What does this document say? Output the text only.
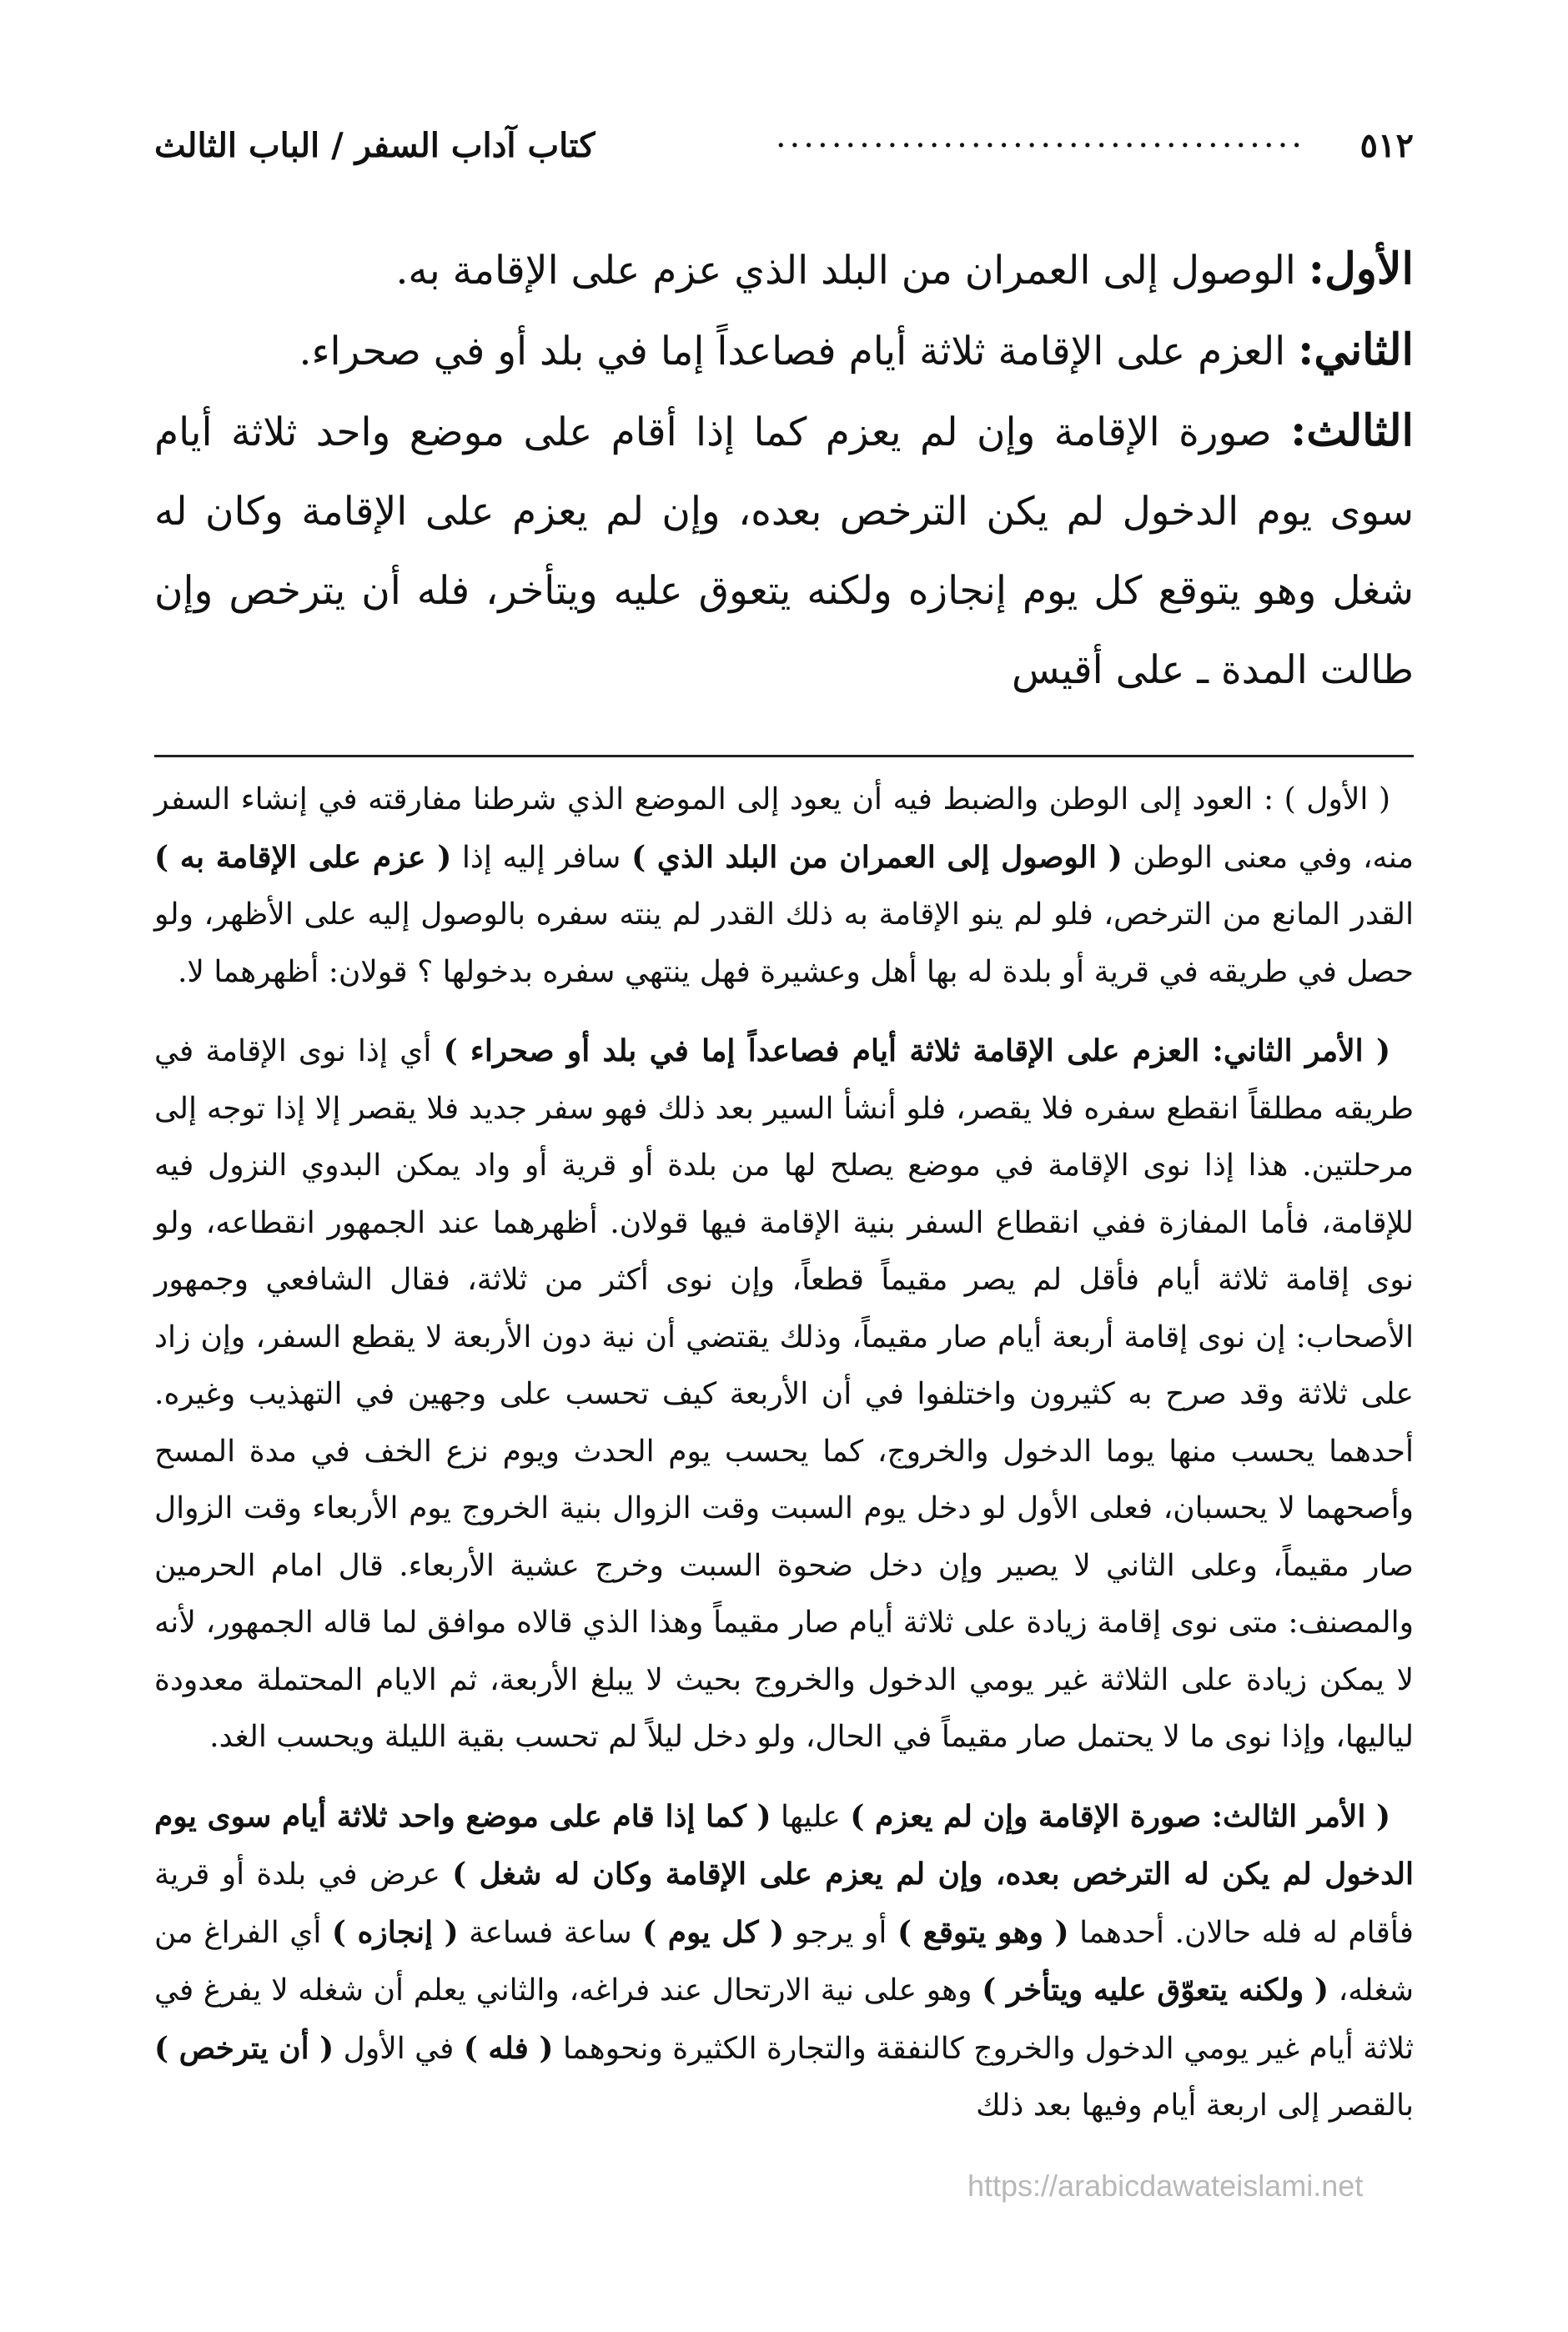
٥١٢
......................................
كتاب آداب السفر / الباب الثالث

الأول: الوصول إلى العمران من البلد الذي عزم على الإقامة به.

الثاني: العزم على الإقامة ثلاثة أيام فصاعداً إما في بلد أو في صحراء.

الثالث: صورة الإقامة وإن لم يعزم كما إذا أقام على موضع واحد ثلاثة أيام سوى يوم الدخول لم يكن الترخص بعده، وإن لم يعزم على الإقامة وكان له شغل وهو يتوقع كل يوم إنجازه ولكنه يتعوق عليه ويتأخر، فله أن يترخص وإن طالت المدة ـ على أقيس

( الأول ) : العود إلى الوطن والضبط فيه أن يعود إلى الموضع الذي شرطنا مفارقته في إنشاء السفر منه، وفي معنى الوطن ( الوصول إلى العمران من البلد الذي ) سافر إليه إذا ( عزم على الإقامة به ) القدر المانع من الترخص، فلو لم ينو الإقامة به ذلك القدر لم ينته سفره بالوصول إليه على الأظهر، ولو حصل في طريقه في قرية أو بلدة له بها أهل وعشيرة فهل ينتهي سفره بدخولها ؟ قولان: أظهرهما لا.

( الأمر الثاني: العزم على الإقامة ثلاثة أيام فصاعداً إما في بلد أو صحراء ) أي إذا نوى الإقامة في طريقه مطلقاً انقطع سفره فلا يقصر، فلو أنشأ السير بعد ذلك فهو سفر جديد فلا يقصر إلا إذا توجه إلى مرحلتين. هذا إذا نوى الإقامة في موضع يصلح لها من بلدة أو قرية أو واد يمكن البدوي النزول فيه للإقامة، فأما المفازة ففي انقطاع السفر بنية الإقامة فيها قولان. أظهرهما عند الجمهور انقطاعه، ولو نوى إقامة ثلاثة أيام فأقل لم يصر مقيماً قطعاً، وإن نوى أكثر من ثلاثة، فقال الشافعي وجمهور الأصحاب: إن نوى إقامة أربعة أيام صار مقيماً، وذلك يقتضي أن نية دون الأربعة لا يقطع السفر، وإن زاد على ثلاثة وقد صرح به كثيرون واختلفوا في أن الأربعة كيف تحسب على وجهين في التهذيب وغيره. أحدهما يحسب منها يوما الدخول والخروج، كما يحسب يوم الحدث ويوم نزع الخف في مدة المسح وأصحهما لا يحسبان، فعلى الأول لو دخل يوم السبت وقت الزوال بنية الخروج يوم الأربعاء وقت الزوال صار مقيماً، وعلى الثاني لا يصير وإن دخل ضحوة السبت وخرج عشية الأربعاء. قال امام الحرمين والمصنف: متى نوى إقامة زيادة على ثلاثة أيام صار مقيماً وهذا الذي قالاه موافق لما قاله الجمهور، لأنه لا يمكن زيادة على الثلاثة غير يومي الدخول والخروج بحيث لا يبلغ الأربعة، ثم الايام المحتملة معدودة لياليها، وإذا نوى ما لا يحتمل صار مقيماً في الحال، ولو دخل ليلاً لم تحسب بقية الليلة ويحسب الغد.

( الأمر الثالث: صورة الإقامة وإن لم يعزم ) عليها ( كما إذا قام على موضع واحد ثلاثة أيام سوى يوم الدخول لم يكن له الترخص بعده، وإن لم يعزم على الإقامة وكان له شغل ) عرض في بلدة أو قرية فأقام له فله حالان. أحدهما ( وهو يتوقع ) أو يرجو ( كل يوم ) ساعة فساعة ( إنجازه ) أي الفراغ من شغله، ( ولكنه يتعوّق عليه ويتأخر ) وهو على نية الارتحال عند فراغه، والثاني يعلم أن شغله لا يفرغ في ثلاثة أيام غير يومي الدخول والخروج كالنفقة والتجارة الكثيرة ونحوهما ( فله ) في الأول ( أن يترخص ) بالقصر إلى اربعة أيام وفيها بعد ذلك

https://arabicdawateislami.net
